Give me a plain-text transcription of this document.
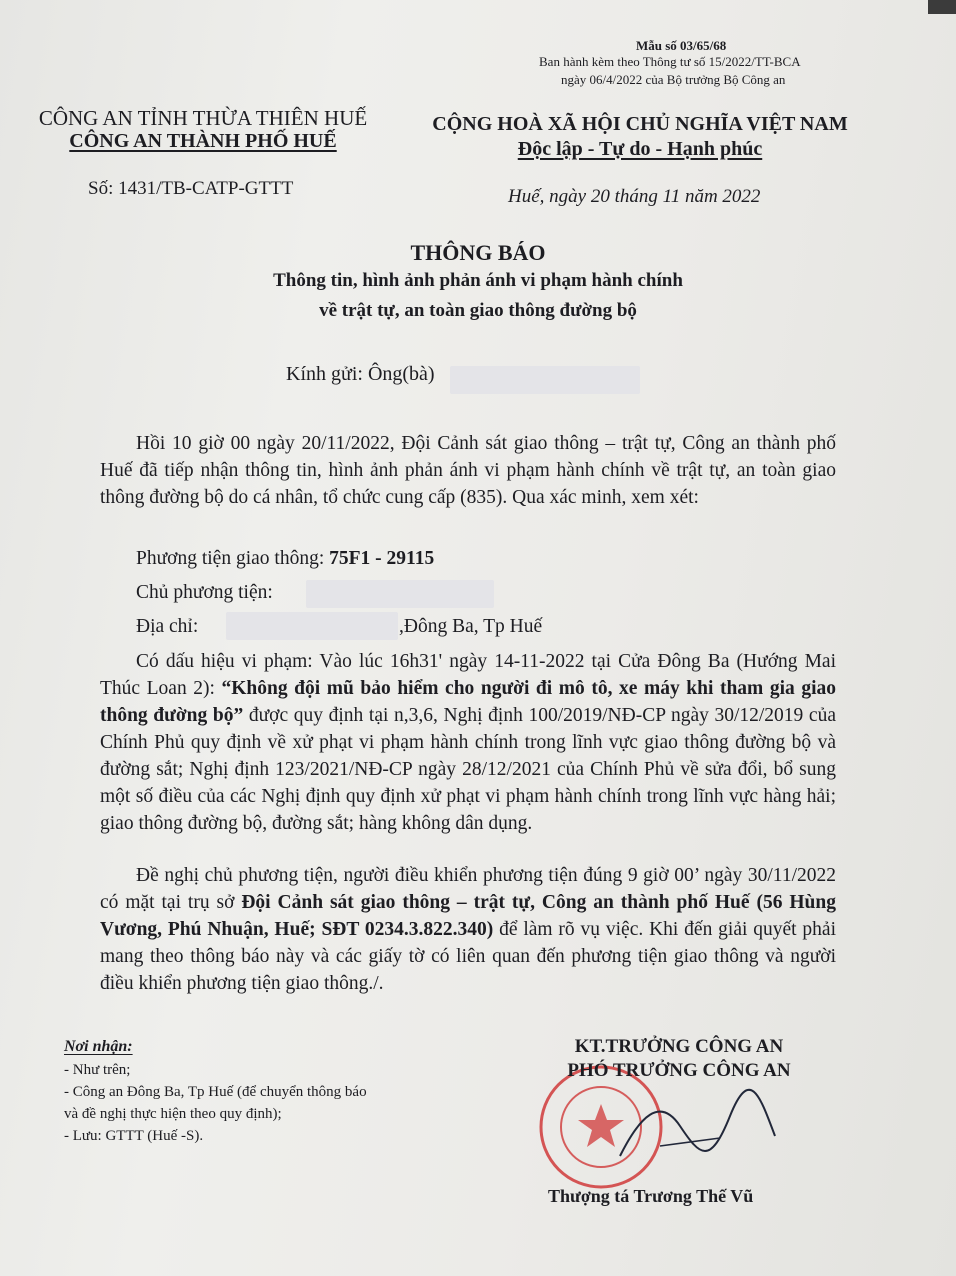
Mẫu số 03/65/68
Ban hành kèm theo Thông tư số 15/2022/TT-BCA
ngày 06/4/2022 của Bộ trưởng Bộ Công an
CÔNG AN TỈNH THỪA THIÊN HUẾ
CÔNG AN THÀNH PHỐ HUẾ
CỘNG HOÀ XÃ HỘI CHỦ NGHĨA VIỆT NAM
Độc lập - Tự do - Hạnh phúc
Số: 1431/TB-CATP-GTTT	Huế, ngày 20 tháng 11 năm 2022
THÔNG BÁO
Thông tin, hình ảnh phản ánh vi phạm hành chính
về trật tự, an toàn giao thông đường bộ
Kính gửi: Ông(bà)
Hồi 10 giờ 00 ngày 20/11/2022, Đội Cảnh sát giao thông – trật tự, Công an thành phố Huế đã tiếp nhận thông tin, hình ảnh phản ánh vi phạm hành chính về trật tự, an toàn giao thông đường bộ do cá nhân, tổ chức cung cấp (835). Qua xác minh, xem xét:
Phương tiện giao thông: 75F1 - 29115
Chủ phương tiện:
Địa chỉ:	,Đông Ba, Tp Huế
Có dấu hiệu vi phạm: Vào lúc 16h31' ngày 14-11-2022 tại Cửa Đông Ba (Hướng Mai Thúc Loan 2): “Không đội mũ bảo hiểm cho người đi mô tô, xe máy khi tham gia giao thông đường bộ” được quy định tại n,3,6, Nghị định 100/2019/NĐ-CP ngày 30/12/2019 của Chính Phủ quy định về xử phạt vi phạm hành chính trong lĩnh vực giao thông đường bộ và đường sắt; Nghị định 123/2021/NĐ-CP ngày 28/12/2021 của Chính Phủ về sửa đổi, bổ sung một số điều của các Nghị định quy định xử phạt vi phạm hành chính trong lĩnh vực hàng hải; giao thông đường bộ, đường sắt; hàng không dân dụng.
Đề nghị chủ phương tiện, người điều khiển phương tiện đúng 9 giờ 00’ ngày 30/11/2022 có mặt tại trụ sở Đội Cảnh sát giao thông – trật tự, Công an thành phố Huế (56 Hùng Vương, Phú Nhuận, Huế; SĐT 0234.3.822.340) để làm rõ vụ việc. Khi đến giải quyết phải mang theo thông báo này và các giấy tờ có liên quan đến phương tiện giao thông và người điều khiển phương tiện giao thông./.
Nơi nhận:
- Như trên;
- Công an Đông Ba, Tp Huế (để chuyển thông báo
và đề nghị thực hiện theo quy định);
- Lưu: GTTT (Huế -S).
KT.TRƯỞNG CÔNG AN
PHÓ TRƯỞNG CÔNG AN
Thượng tá Trương Thế Vũ
